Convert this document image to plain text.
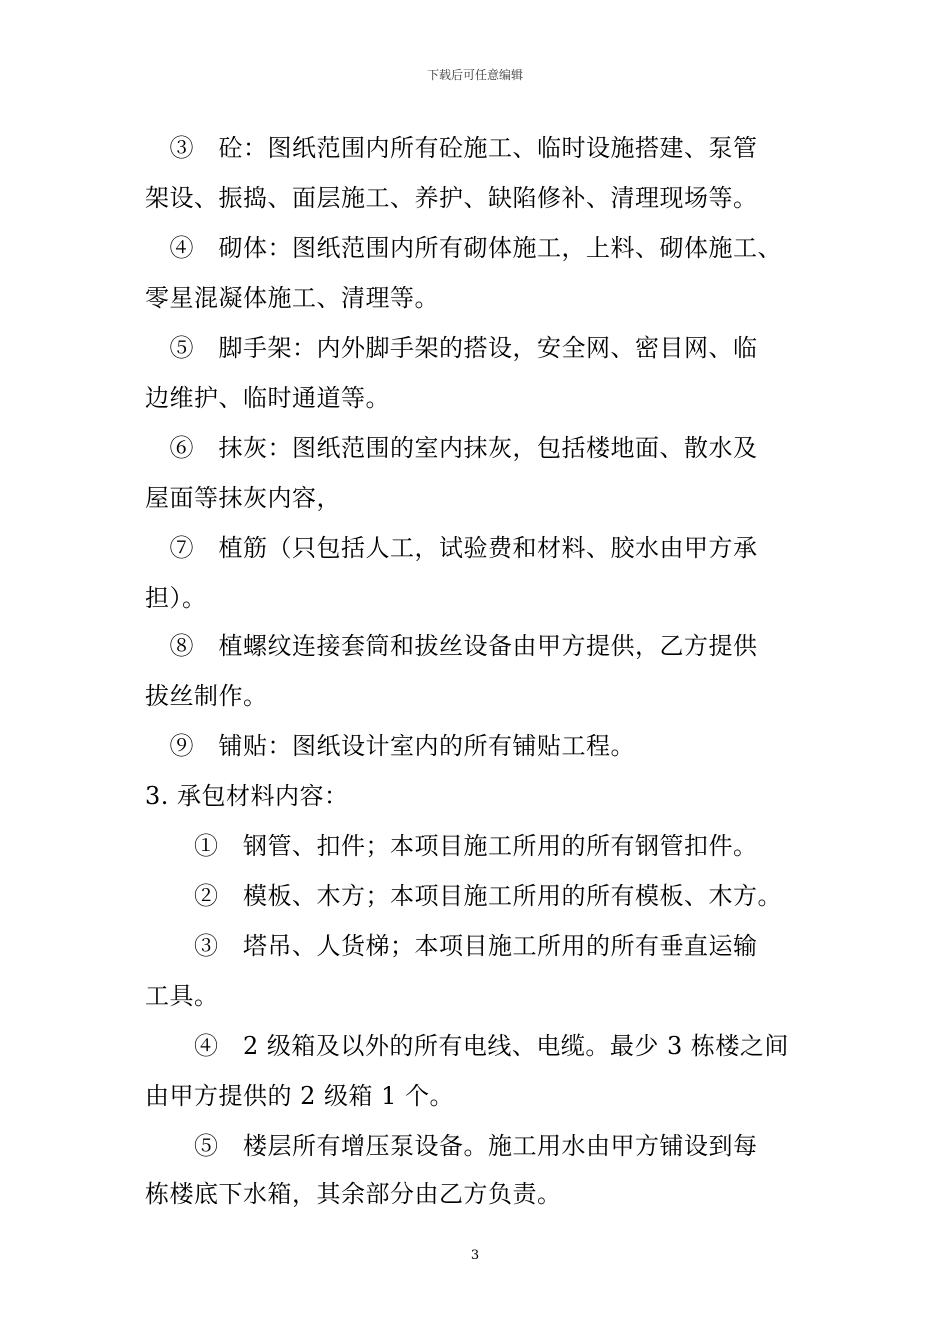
下载后可任意编辑
　③　砼：图纸范围内所有砼施工、临时设施搭建、泵管
架设、振捣、面层施工、养护、缺陷修补、清理现场等。
　④　砌体：图纸范围内所有砌体施工，上料、砌体施工、
零星混凝体施工、清理等。
　⑤　脚手架：内外脚手架的搭设，安全网、密目网、临
边维护、临时通道等。
　⑥　抹灰：图纸范围的室内抹灰，包括楼地面、散水及
屋面等抹灰内容，
　⑦　植筋（只包括人工，试验费和材料、胶水由甲方承
担）。
　⑧　植螺纹连接套筒和拔丝设备由甲方提供，乙方提供
拔丝制作。
　⑨　铺贴：图纸设计室内的所有铺贴工程。
3. 承包材料内容：
　　①　钢管、扣件；本项目施工所用的所有钢管扣件。
　　②　模板、木方；本项目施工所用的所有模板、木方。
　　③　塔吊、人货梯；本项目施工所用的所有垂直运输
工具。
　　④　2 级箱及以外的所有电线、电缆。最少 3 栋楼之间
由甲方提供的 2 级箱 1 个。
　　⑤　楼层所有增压泵设备。施工用水由甲方铺设到每
栋楼底下水箱，其余部分由乙方负责。
3
